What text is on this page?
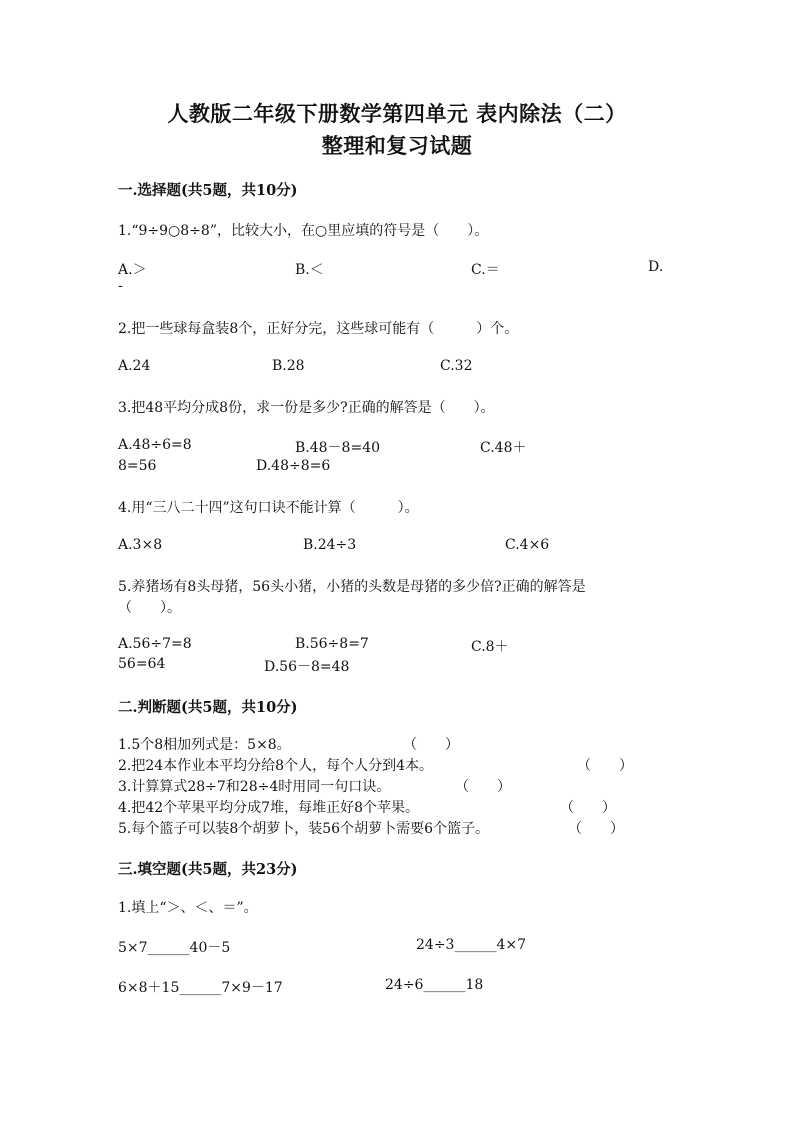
人教版二年级下册数学第四单元 表内除法（二）
整理和复习试题
一.选择题(共5题，共10分)
1.“9÷9○8÷8”，比较大小，在○里应填的符号是（　　）。
A.＞	B.＜	C.＝	D.
-
2.把一些球每盒装8个，正好分完，这些球可能有（　　　）个。
A.24	B.28	C.32
3.把48平均分成8份，求一份是多少?正确的解答是（　　）。
A.48÷6=8	B.48－8=40	C.48＋
8=56	D.48÷8=6
4.用“三八二十四”这句口诀不能计算（　　　）。
A.3×8	B.24÷3	C.4×6
5.养猪场有8头母猪，56头小猪，小猪的头数是母猪的多少倍?正确的解答是
（　　）。
A.56÷7=8	B.56÷8=7	C.8＋
56=64	D.56－8=48
二.判断题(共5题，共10分)
1.5个8相加列式是：5×8。	（　　）
2.把24本作业本平均分给8个人，每个人分到4本。	（　　）
3.计算算式28÷7和28÷4时用同一句口诀。	（　　）
4.把42个苹果平均分成7堆，每堆正好8个苹果。	（　　）
5.每个篮子可以装8个胡萝卜，装56个胡萝卜需要6个篮子。	（　　）
三.填空题(共5题，共23分)
1.填上“＞、＜、＝”。
5×7______40－5	24÷3______4×7
6×8＋15______7×9－17	24÷6______18
